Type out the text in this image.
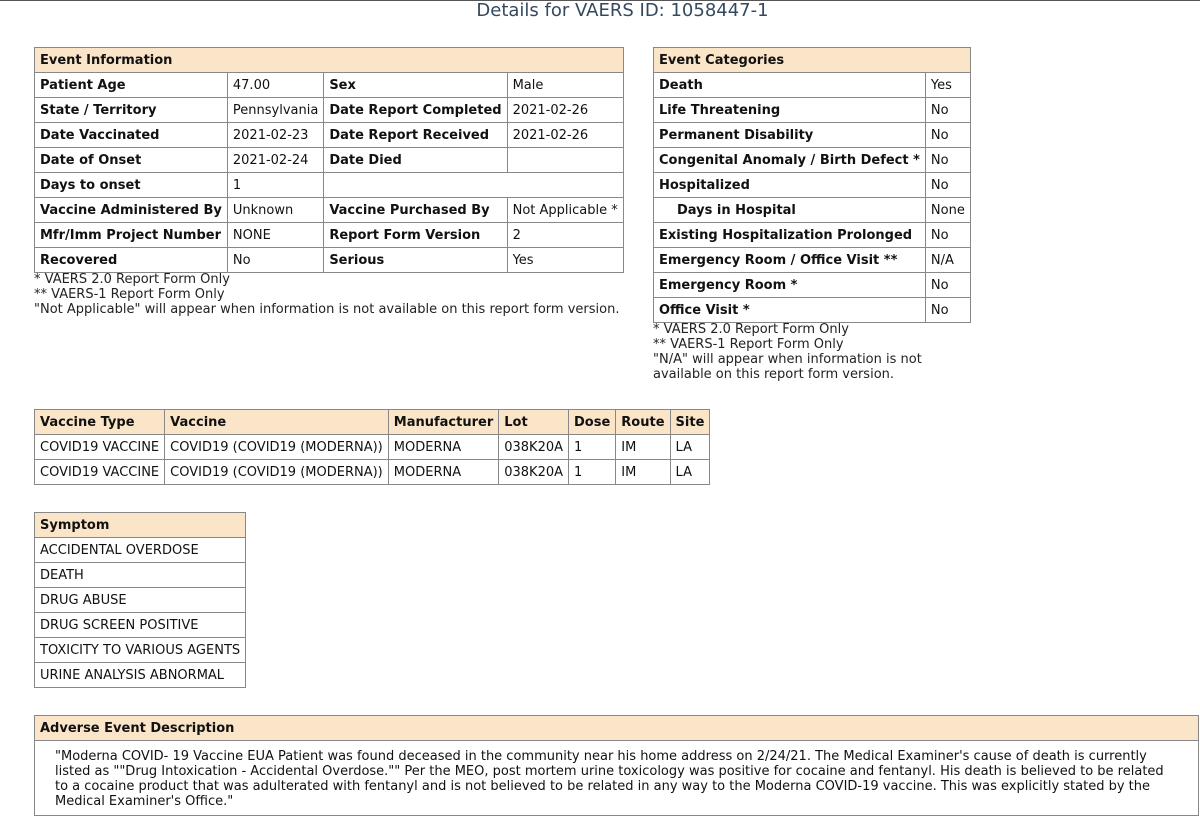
Details for VAERS ID: 1058447-1
Event Information			
Patient Age	47.00	Sex	Male
State / Territory	Pennsylvania	Date Report Completed	2021-02-26
Date Vaccinated	2021-02-23	Date Report Received	2021-02-26
Date of Onset	2021-02-24	Date Died	
Days to onset	1		
Vaccine Administered By	Unknown	Vaccine Purchased By	Not Applicable *
Mfr/Imm Project Number	NONE	Report Form Version	2
Recovered	No	Serious	Yes
* VAERS 2.0 Report Form Only
** VAERS-1 Report Form Only
"Not Applicable" will appear when information is not available on this report form version.
Event Categories	
Death	Yes
Life Threatening	No
Permanent Disability	No
Congenital Anomaly / Birth Defect *	No
Hospitalized	No
Days in Hospital	None
Existing Hospitalization Prolonged	No
Emergency Room / Office Visit **	N/A
Emergency Room *	No
Office Visit *	No
* VAERS 2.0 Report Form Only
** VAERS-1 Report Form Only
"N/A" will appear when information is not
available on this report form version.
Vaccine Type	Vaccine	Manufacturer	Lot	Dose	Route	Site
COVID19 VACCINE	COVID19 (COVID19 (MODERNA))	MODERNA	038K20A	1	IM	LA
COVID19 VACCINE	COVID19 (COVID19 (MODERNA))	MODERNA	038K20A	1	IM	LA
Symptom
ACCIDENTAL OVERDOSE
DEATH
DRUG ABUSE
DRUG SCREEN POSITIVE
TOXICITY TO VARIOUS AGENTS
URINE ANALYSIS ABNORMAL
Adverse Event Description
"Moderna COVID- 19 Vaccine EUA Patient was found deceased in the community near his home address on 2/24/21. The Medical Examiner's cause of death is currently listed as ""Drug Intoxication - Accidental Overdose."" Per the MEO, post mortem urine toxicology was positive for cocaine and fentanyl. His death is believed to be related to a cocaine product that was adulterated with fentanyl and is not believed to be related in any way to the Moderna COVID-19 vaccine. This was explicitly stated by the Medical Examiner's Office."
